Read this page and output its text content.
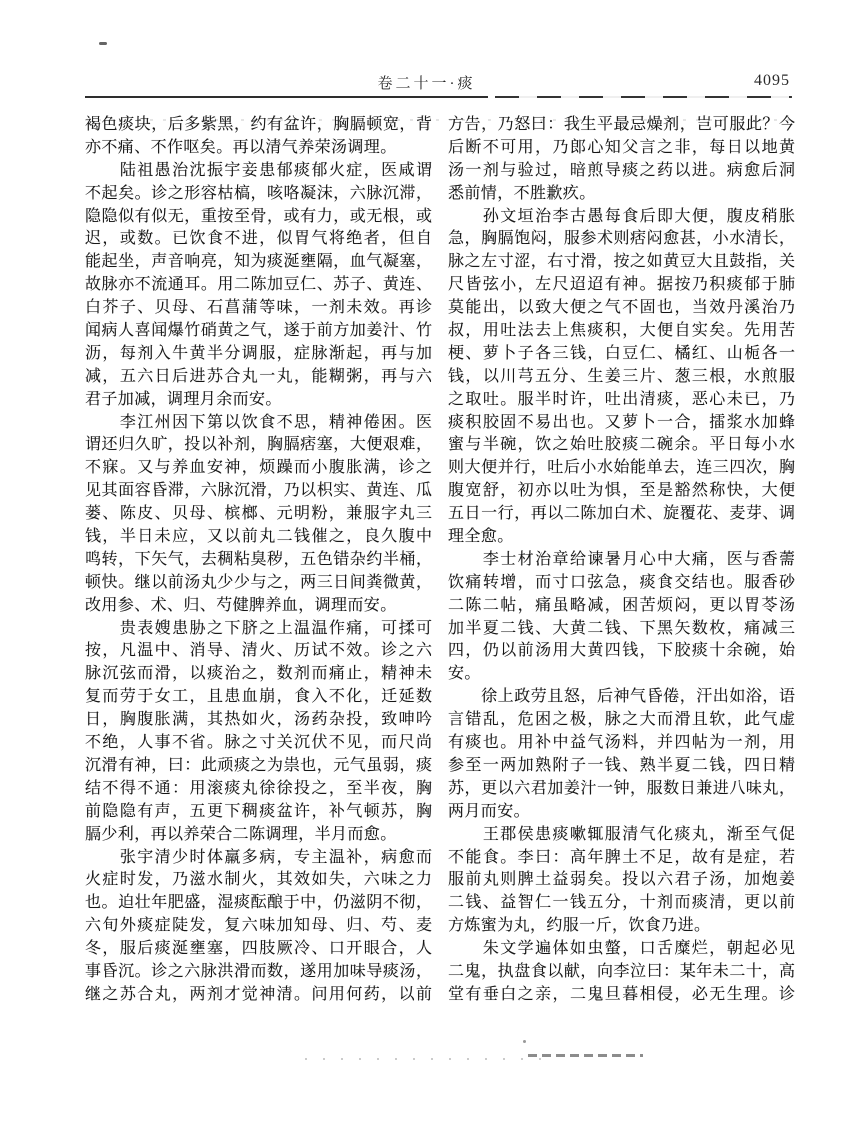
卷二十一·痰	4095
褐色痰块，后多紫黑，约有盆许，胸膈顿宽，背
亦不痛、不作呕矣。再以清气养荣汤调理。
　　陆祖愚治沈振宇妾患郁痰郁火症，医咸谓
不起矣。诊之形容枯槁，咳咯凝沫，六脉沉滞，
隐隐似有似无，重按至骨，或有力，或无根，或
迟，或数。已饮食不进，似胃气将绝者，但自
能起坐，声音响亮，知为痰涎壅隔，血气凝塞，
故脉亦不流通耳。用二陈加豆仁、苏子、黄连、
白芥子、贝母、石菖蒲等味，一剂未效。再诊
闻病人喜闻爆竹硝黄之气，遂于前方加姜汁、竹
沥，每剂入牛黄半分调服，症脉渐起，再与加
减，五六日后进苏合丸一丸，能糊粥，再与六
君子加减，调理月余而安。
　　李江州因下第以饮食不思，精神倦困。医
谓还归久旷，投以补剂，胸膈痞塞，大便艰难，
不寐。又与养血安神，烦躁而小腹胀满，诊之
见其面容昏滞，六脉沉滑，乃以枳实、黄连、瓜
蒌、陈皮、贝母、槟榔、元明粉，兼服字丸三
钱，半日未应，又以前丸二钱催之，良久腹中
鸣转，下矢气，去稠粘臭秽，五色错杂约半桶，
顿快。继以前汤丸少少与之，两三日间粪微黄，
改用参、术、归、芍健脾养血，调理而安。
　　贵表嫂患胁之下脐之上温温作痛，可揉可
按，凡温中、消导、清火、历试不效。诊之六
脉沉弦而滑，以痰治之，数剂而痛止，精神未
复而劳于女工，且患血崩，食入不化，迁延数
日，胸腹胀满，其热如火，汤药杂投，致呻吟
不绝，人事不省。脉之寸关沉伏不见，而尺尚
沉滑有神，曰：此顽痰之为祟也，元气虽弱，痰
结不得不通：用滚痰丸徐徐投之，至半夜，胸
前隐隐有声，五更下稠痰盆许，补气顿苏，胸
膈少利，再以养荣合二陈调理，半月而愈。
　　张宇清少时体羸多病，专主温补，病愈而
火症时发，乃滋水制火，其效如失，六味之力
也。迫壮年肥盛，湿痰酝酿于中，仍滋阴不彻，
六旬外痰症陡发，复六味加知母、归、芍、麦
冬，服后痰涎壅塞，四肢厥冷、口开眼合，人
事昏沉。诊之六脉洪滑而数，遂用加味导痰汤，
继之苏合丸，两剂才觉神清。问用何药，以前
方告，乃怒曰：我生平最忌燥剂，岂可服此？今
后断不可用，乃郎心知父言之非，每日以地黄
汤一剂与验过，暗煎导痰之药以进。病愈后洞
悉前情，不胜歉疚。
　　孙文垣治李古愚每食后即大便，腹皮稍胀
急，胸膈饱闷，服参术则痞闷愈甚，小水清长，
脉之左寸涩，右寸滑，按之如黄豆大且鼓指，关
尺皆弦小，左尺迢迢有神。据按乃积痰郁于肺
莫能出，以致大便之气不固也，当效丹溪治乃
叔，用吐法去上焦痰积，大便自实矣。先用苦
梗、萝卜子各三钱，白豆仁、橘红、山栀各一
钱，以川芎五分、生姜三片、葱三根，水煎服
之取吐。服半时许，吐出清痰，恶心未已，乃
痰积胶固不易出也。又萝卜一合，擂浆水加蜂
蜜与半碗，饮之始吐胶痰二碗余。平日每小水
则大便并行，吐后小水始能单去，连三四次，胸
腹宽舒，初亦以吐为惧，至是豁然称快，大便
五日一行，再以二陈加白术、旋覆花、麦芽、调
理全愈。
　　李士材治章给谏暑月心中大痛，医与香薷
饮痛转增，而寸口弦急，痰食交结也。服香砂
二陈二帖，痛虽略减，困苦烦闷，更以胃苓汤
加半夏二钱、大黄二钱、下黑矢数枚，痛减三
四，仍以前汤用大黄四钱，下胶痰十余碗，始
安。
　　徐上政劳且怒，后神气昏倦，汗出如浴，语
言错乱，危困之极，脉之大而滑且软，此气虚
有痰也。用补中益气汤料，并四帖为一剂，用
参至一两加熟附子一钱、熟半夏二钱，四日精
苏，更以六君加姜汁一钟，服数日兼进八味丸，
两月而安。
　　王郡侯患痰嗽辄服清气化痰丸，渐至气促
不能食。李曰：高年脾土不足，故有是症，若
服前丸则脾土益弱矣。投以六君子汤，加炮姜
二钱、益智仁一钱五分，十剂而痰清，更以前
方炼蜜为丸，约服一斤，饮食乃进。
　　朱文学遍体如虫螫，口舌糜烂，朝起必见
二鬼，执盘食以献，向李泣曰：某年未二十，高
堂有垂白之亲，二鬼旦暮相侵，必无生理。诊
